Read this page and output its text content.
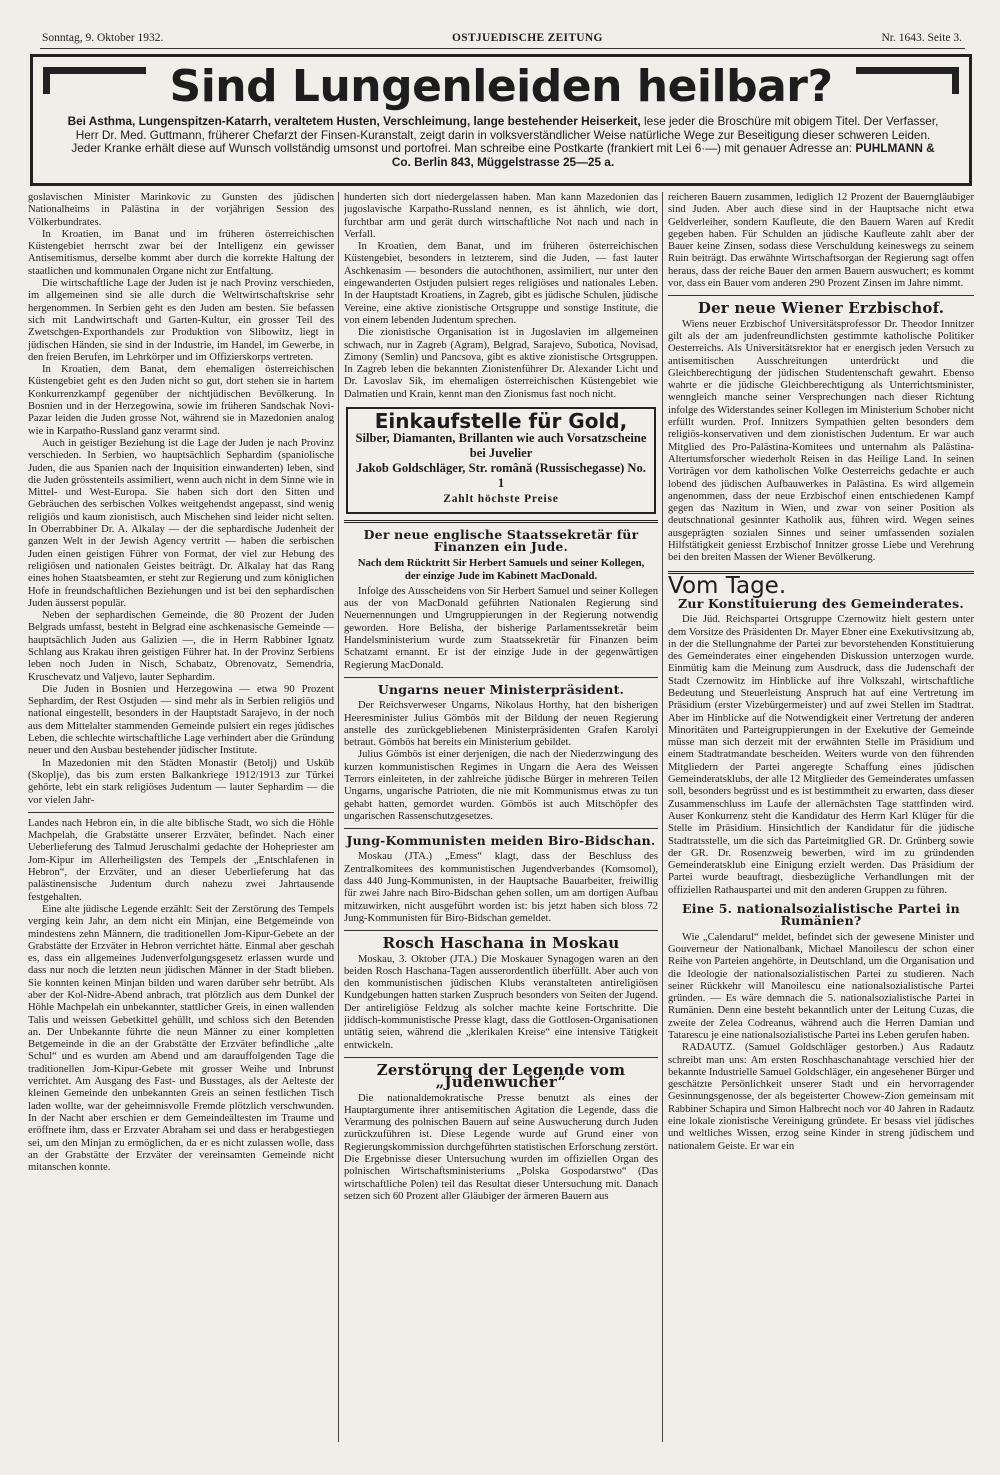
Sonntag, 9. Oktober 1932.	OSTJUEDISCHE ZEITUNG	Nr. 1643. Seite 3.
Sind Lungenleiden heilbar?
Bei Asthma, Lungenspitzen-Katarrh, veraltetem Husten, Verschleimung, lange bestehender Heiserkeit, lese jeder die Broschüre mit obigem Titel. Der Verfasser, Herr Dr. Med. Guttmann, früherer Chefarzt der Finsen-Kuranstalt, zeigt darin in volksverständlicher Weise natürliche Wege zur Beseitigung dieser schweren Leiden. Jeder Kranke erhält diese auf Wunsch vollständig umsonst und portofrei. Man schreibe eine Postkarte (frankiert mit Lei 6·—) mit genauer Adresse an: PUHLMANN & Co. Berlin 843, Müggelstrasse 25—25 a.

goslavischen Minister Marinkovic zu Gunsten des jüdischen Nationalheims in Palästina in der vorjährigen Session des Völkerbundrates.

In Kroatien, im Banat und im früheren österreichischen Küstengebiet herrscht zwar bei der Intelligenz ein gewisser Antisemitismus, derselbe kommt aber durch die korrekte Haltung der staatlichen und kommunalen Organe nicht zur Entfaltung.

Die wirtschaftliche Lage der Juden ist je nach Provinz verschieden, im allgemeinen sind sie alle durch die Weltwirtschaftskrise sehr hergenommen. In Serbien geht es den Juden am besten. Sie befassen sich mit Landwirtschaft und Garten-Kultur, ein grosser Teil des Zwetschgen-Exporthandels zur Produktion von Slibowitz, liegt in jüdischen Händen, sie sind in der Industrie, im Handel, im Gewerbe, in den freien Berufen, im Lehrkörper und im Offizierskorps vertreten.

In Kroatien, dem Banat, dem ehemaligen österreichischen Küstengebiet geht es den Juden nicht so gut, dort stehen sie in hartem Konkurrenzkampf gegenüber der nichtjüdischen Bevölkerung. In Bosnien und in der Herzegowina, sowie im früheren Sandschak Novi-Pazar leiden die Juden grosse Not, während sie in Mazedonien analog wie in Karpatho-Russland ganz verarmt sind.

Auch in geistiger Beziehung ist die Lage der Juden je nach Provinz verschieden. In Serbien, wo hauptsächlich Sephardim (spaniolische Juden, die aus Spanien nach der Inquisition einwanderten) leben, sind die Juden grösstenteils assimiliert, wenn auch nicht in dem Sinne wie in Mittel- und West-Europa. Sie haben sich dort den Sitten und Gebräuchen des serbischen Volkes weitgehendst angepasst, sind wenig religiös und kaum zionistisch, auch Mischehen sind leider nicht selten. In Oberrabbiner Dr. A. Alkalay — der die sephardische Judenheit der ganzen Welt in der Jewish Agency vertritt — haben die serbischen Juden einen geistigen Führer von Format, der viel zur Hebung des religiösen und nationalen Geistes beiträgt. Dr. Alkalay hat das Rang eines hohen Staatsbeamten, er steht zur Regierung und zum königlichen Hofe in freundschaftlichen Beziehungen und ist bei den sephardischen Juden äusserst populär.

Neben der sephardischen Gemeinde, die 80 Prozent der Juden Belgrads umfasst, besteht in Belgrad eine aschkenasische Gemeinde — hauptsächlich Juden aus Galizien —, die in Herrn Rabbiner Ignatz Schlang aus Krakau ihren geistigen Führer hat. In der Provinz Serbiens leben noch Juden in Nisch, Schabatz, Obrenovatz, Semendria, Kruschevatz und Valjevo, lauter Sephardim.

Die Juden in Bosnien und Herzegowina — etwa 90 Prozent Sephardim, der Rest Ostjuden — sind mehr als in Serbien religiös und national eingestellt, besonders in der Hauptstadt Sarajevo, in der noch aus dem Mittelalter stammenden Gemeinde pulsiert ein reges jüdisches Leben, die schlechte wirtschaftliche Lage verhindert aber die Gründung neuer und den Ausbau bestehender jüdischer Institute.

In Mazedonien mit den Städten Monastir (Betolj) und Usküb (Skoplje), das bis zum ersten Balkankriege 1912/1913 zur Türkei gehörte, lebt ein stark religiöses Judentum — lauter Sephardim — die vor vielen Jahr-

Landes nach Hebron ein, in die alte biblische Stadt, wo sich die Höhle Machpelah, die Grabstätte unserer Erzväter, befindet. Nach einer Ueberlieferung des Talmud Jeruschalmi gedachte der Hohepriester am Jom-Kipur im Allerheiligsten des Tempels der „Entschlafenen in Hebron“, der Erzväter, und an dieser Ueberlieferung hat das palästinensische Judentum durch nahezu zwei Jahrtausende festgehalten.

Eine alte jüdische Legende erzählt: Seit der Zerstörung des Tempels verging kein Jahr, an dem nicht ein Minjan, eine Betgemeinde von mindestens zehn Männern, die traditionellen Jom-Kipur-Gebete an der Grabstätte der Erzväter in Hebron verrichtet hätte. Einmal aber geschah es, dass ein allgemeines Judenverfolgungsgesetz erlassen wurde und dass nur noch die letzten neun jüdischen Männer in der Stadt blieben. Sie konnten keinen Minjan bilden und waren darüber sehr betrübt. Als aber der Kol-Nidre-Abend anbrach, trat plötzlich aus dem Dunkel der Höhle Machpelah ein unbekannter, stattlicher Greis, in einen wallenden Talis und weissen Gebetkittel gehüllt, und schloss sich den Betenden an. Der Unbekannte führte die neun Männer zu einer kompletten Betgemeinde in die an der Grabstätte der Erzväter befindliche „alte Schul“ und es wurden am Abend und am darauffolgenden Tage die traditionellen Jom-Kipur-Gebete mit grosser Weihe und Inbrunst verrichtet. Am Ausgang des Fast- und Busstages, als der Aelteste der kleinen Gemeinde den unbekannten Greis an seinen festlichen Tisch laden wollte, war der geheimnisvolle Fremde plötzlich verschwunden. In der Nacht aber erschien er dem Gemeindeältesten im Traume und eröffnete ihm, dass er Erzvater Abraham sei und dass er herabgestiegen sei, um den Minjan zu ermöglichen, da er es nicht zulassen wolle, dass an der Grabstätte der Erzväter der vereinsamten Gemeinde nicht mitanschen konnte.

hunderten sich dort niedergelassen haben. Man kann Mazedonien das jugoslavische Karpatho-Russland nennen, es ist ähnlich, wie dort, furchtbar arm und gerät durch wirtschaftliche Not nach und nach in Verfall.

In Kroatien, dem Banat, und im früheren österreichischen Küstengebiet, besonders in letzterem, sind die Juden, — fast lauter Aschkenasim — besonders die autochthonen, assimiliert, nur unter den eingewanderten Ostjuden pulsiert reges religiöses und nationales Leben. In der Hauptstadt Kroatiens, in Zagreb, gibt es jüdische Schulen, jüdische Vereine, eine aktive zionistische Ortsgruppe und sonstige Institute, die von einem lebenden Judentum sprechen.

Die zionistische Organisation ist in Jugoslavien im allgemeinen schwach, nur in Zagreb (Agram), Belgrad, Sarajevo, Subotica, Novisad, Zimony (Semlin) und Pancsova, gibt es aktive zionistische Ortsgruppen. In Zagreb leben die bekannten Zionistenführer Dr. Alexander Licht und Dr. Lavoslav Sik, im ehemaligen österreichischen Küstengebiet wie Dalmatien und Krain, kennt man den Zionismus fast noch nicht.

Einkaufstelle für Gold,
Silber, Diamanten, Brillanten wie auch Vorsatzscheine bei Juvelier
Jakob Goldschläger, Str. română (Russischegasse) No. 1
Zahlt höchste Preise
Der neue englische Staatssekretär für Finanzen ein Jude.
Nach dem Rücktritt Sir Herbert Samuels und seiner Kollegen, der einzige Jude im Kabinett MacDonald.

Infolge des Ausscheidens von Sir Herbert Samuel und seiner Kollegen aus der von MacDonald geführten Nationalen Regierung sind Neuernennungen und Umgruppierungen in der Regierung notwendig geworden. Hore Belisha, der bisherige Parlamentssekretär beim Handelsministerium wurde zum Staatssekretär für Finanzen beim Schatzamt ernannt. Er ist der einzige Jude in der gegenwärtigen Regierung MacDonald.

Ungarns neuer Ministerpräsident.

Der Reichsverweser Ungarns, Nikolaus Horthy, hat den bisherigen Heeresminister Julius Gömbös mit der Bildung der neuen Regierung anstelle des zurückgebliebenen Ministerpräsidenten Grafen Karolyi betraut. Gömbös hat bereits ein Ministerium gebildet.

Julius Gömbös ist einer derjenigen, die nach der Niederzwingung des kurzen kommunistischen Regimes in Ungarn die Aera des Weissen Terrors einleiteten, in der zahlreiche jüdische Bürger in mehreren Teilen Ungarns, ungarische Patrioten, die nie mit Kommunismus etwas zu tun gehabt hatten, gemordet wurden. Gömbös ist auch Mitschöpfer des ungarischen Rassenschutzgesetzes.

Jung-Kommunisten meiden Biro-Bidschan.

Moskau (JTA.) „Emess“ klagt, dass der Beschluss des Zentralkomitees des kommunistischen Jugendverbandes (Komsomol), dass 440 Jung-Kommunisten, in der Hauptsache Bauarbeiter, freiwillig für zwei Jahre nach Biro-Bidschan gehen sollen, um am dortigen Aufbau mitzuwirken, nicht ausgeführt worden ist: bis jetzt haben sich bloss 72 Jung-Kommunisten für Biro-Bidschan gemeldet.

Rosch Haschana in Moskau

Moskau, 3. Oktober (JTA.) Die Moskauer Synagogen waren an den beiden Rosch Haschana-Tagen ausserordentlich überfüllt. Aber auch von den kommunistischen jüdischen Klubs veranstalteten antireligiösen Kundgebungen hatten starken Zuspruch besonders von Seiten der Jugend. Der antireligiöse Feldzug als solcher machte keine Fortschritte. Die jiddisch-kommunistische Presse klagt, dass die Gottlosen-Organisationen untätig seien, während die „klerikalen Kreise“ eine intensive Tätigkeit entwickeln.

Zerstörung der Legende vom „Judenwucher“

Die nationaldemokratische Presse benutzt als eines der Hauptargumente ihrer antisemitischen Agitation die Legende, dass die Verarmung des polnischen Bauern auf seine Auswucherung durch Juden zurückzuführen ist. Diese Legende wurde auf Grund einer von Regierungskommission durchgeführten statistischen Erforschung zerstört. Die Ergebnisse dieser Untersuchung wurden im offiziellen Organ des polnischen Wirtschaftsministeriums „Polska Gospodarstwo“ (Das wirtschaftliche Polen) teil das Resultat dieser Untersuchung mit. Danach setzen sich 60 Prozent aller Gläubiger der ärmeren Bauern aus

reicheren Bauern zusammen, lediglich 12 Prozent der Bauerngläubiger sind Juden. Aber auch diese sind in der Hauptsache nicht etwa Geldverleiher, sondern Kaufleute, die den Bauern Waren auf Kredit gegeben haben. Für Schulden an jüdische Kaufleute zahlt aber der Bauer keine Zinsen, sodass diese Verschuldung keineswegs zu seinem Ruin beiträgt. Das erwähnte Wirtschaftsorgan der Regierung sagt offen heraus, dass der reiche Bauer den armen Bauern auswuchert; es kommt vor, dass ein Bauer vom anderen 290 Prozent Zinsen im Jahre nimmt.

Der neue Wiener Erzbischof.

Wiens neuer Erzbischof Universitätsprofessor Dr. Theodor Innitzer gilt als der am judenfreundlichsten gestimmte katholische Politiker Oesterreichs. Als Universitätsrektor hat er energisch jeden Versuch zu antisemitischen Ausschreitungen unterdrückt und die Gleichberechtigung der jüdischen Studentenschaft gewahrt. Ebenso wahrte er die jüdische Gleichberechtigung als Unterrichtsminister, wenngleich manche seiner Versprechungen nach dieser Richtung infolge des Widerstandes seiner Kollegen im Ministerium Schober nicht erfüllt wurden. Prof. Innitzers Sympathien gelten besonders dem religiös-konservativen und dem zionistischen Judentum. Er war auch Mitglied des Pro-Palästina-Komitees und unternahm als Palästina-Altertumsforscher wiederholt Reisen in das Heilige Land. In seinen Vorträgen vor dem katholischen Volke Oesterreichs gedachte er auch lobend des jüdischen Aufbauwerkes in Palästina. Es wird allgemein angenommen, dass der neue Erzbischof einen entschiedenen Kampf gegen das Nazitum in Wien, und zwar von seiner Position als deutschnational gesinnter Katholik aus, führen wird. Wegen seines ausgeprägten sozialen Sinnes und seiner umfassenden sozialen Hilfstätigkeit geniesst Erzbischof Innitzer grosse Liebe und Verehrung bei den breiten Massen der Wiener Bevölkerung.

Vom Tage.
Zur Konstituierung des Gemeinderates.

Die Jüd. Reichspartei Ortsgruppe Czernowitz hielt gestern unter dem Vorsitze des Präsidenten Dr. Mayer Ebner eine Exekutivsitzung ab, in der die Stellungnahme der Partei zur bevorstehenden Konstituierung des Gemeinderates einer eingehenden Diskussion unterzogen wurde. Einmütig kam die Meinung zum Ausdruck, dass die Judenschaft der Stadt Czernowitz im Hinblicke auf ihre Volkszahl, wirtschaftliche Bedeutung und Steuerleistung Anspruch hat auf eine Vertretung im Präsidium (erster Vizebürgermeister) und auf zwei Stellen im Stadtrat. Aber im Hinblicke auf die Notwendigkeit einer Vertretung der anderen Minoritäten und Parteigruppierungen in der Exekutive der Gemeinde müsse man sich derzeit mit der erwähnten Stelle im Präsidium und einem Stadtratmandate bescheiden. Weiters wurde von den führenden Mitgliedern der Partei angeregte Schaffung eines jüdischen Gemeinderatsklubs, der alle 12 Mitglieder des Gemeinderates umfassen soll, besonders begrüsst und es ist bestimmtheit zu erwarten, dass dieser Zusammenschluss im Laufe der allernächsten Tage stattfinden wird. Auser Konkurrenz steht die Kandidatur des Herrn Karl Klüger für die Stelle im Präsidium. Hinsichtlich der Kandidatur für die jüdische Stadtratsstelle, um die sich das Parteimitglied GR. Dr. Grünberg sowie der GR. Dr. Rosenzweig bewerben, wird im zu gründenden Gemeinderatsklub eine Einigung erzielt werden. Das Präsidium der Partei wurde beauftragt, diesbezügliche Verhandlungen mit der offiziellen Rathauspartei und mit den anderen Gruppen zu führen.

Eine 5. nationalsozialistische Partei in Rumänien?

Wie „Calendarul“ meldet, befindet sich der gewesene Minister und Gouverneur der Nationalbank, Michael Manoilescu der schon einer Reihe von Parteien angehörte, in Deutschland, um die Organisation und die Ideologie der nationalsozialistischen Partei zu studieren. Nach seiner Rückkehr will Manoilescu eine nationalsozialistische Partei gründen. — Es wäre demnach die 5. nationalsozialistische Partei in Rumänien. Denn eine besteht bekanntlich unter der Leitung Cuzas, die zweite der Zelea Codreanus, während auch die Herren Damian und Tatarescu je eine nationalsozialistische Partei ins Leben gerufen haben.

RADAUTZ. (Samuel Goldschläger gestorben.) Aus Radautz schreibt man uns: Am ersten Roschhaschanahtage verschied hier der bekannte Industrielle Samuel Goldschläger, ein angesehener Bürger und geschätzte Persönlichkeit unserer Stadt und ein hervorragender Gesinnungsgenosse, der als begeisterter Chowew-Zion gemeinsam mit Rabbiner Schapira und Simon Halbrecht noch vor 40 Jahren in Radautz eine lokale zionistische Vereinigung gründete. Er besass viel jüdisches und weltliches Wissen, erzog seine Kinder in streng jüdischem und nationalem Geiste. Er war ein
